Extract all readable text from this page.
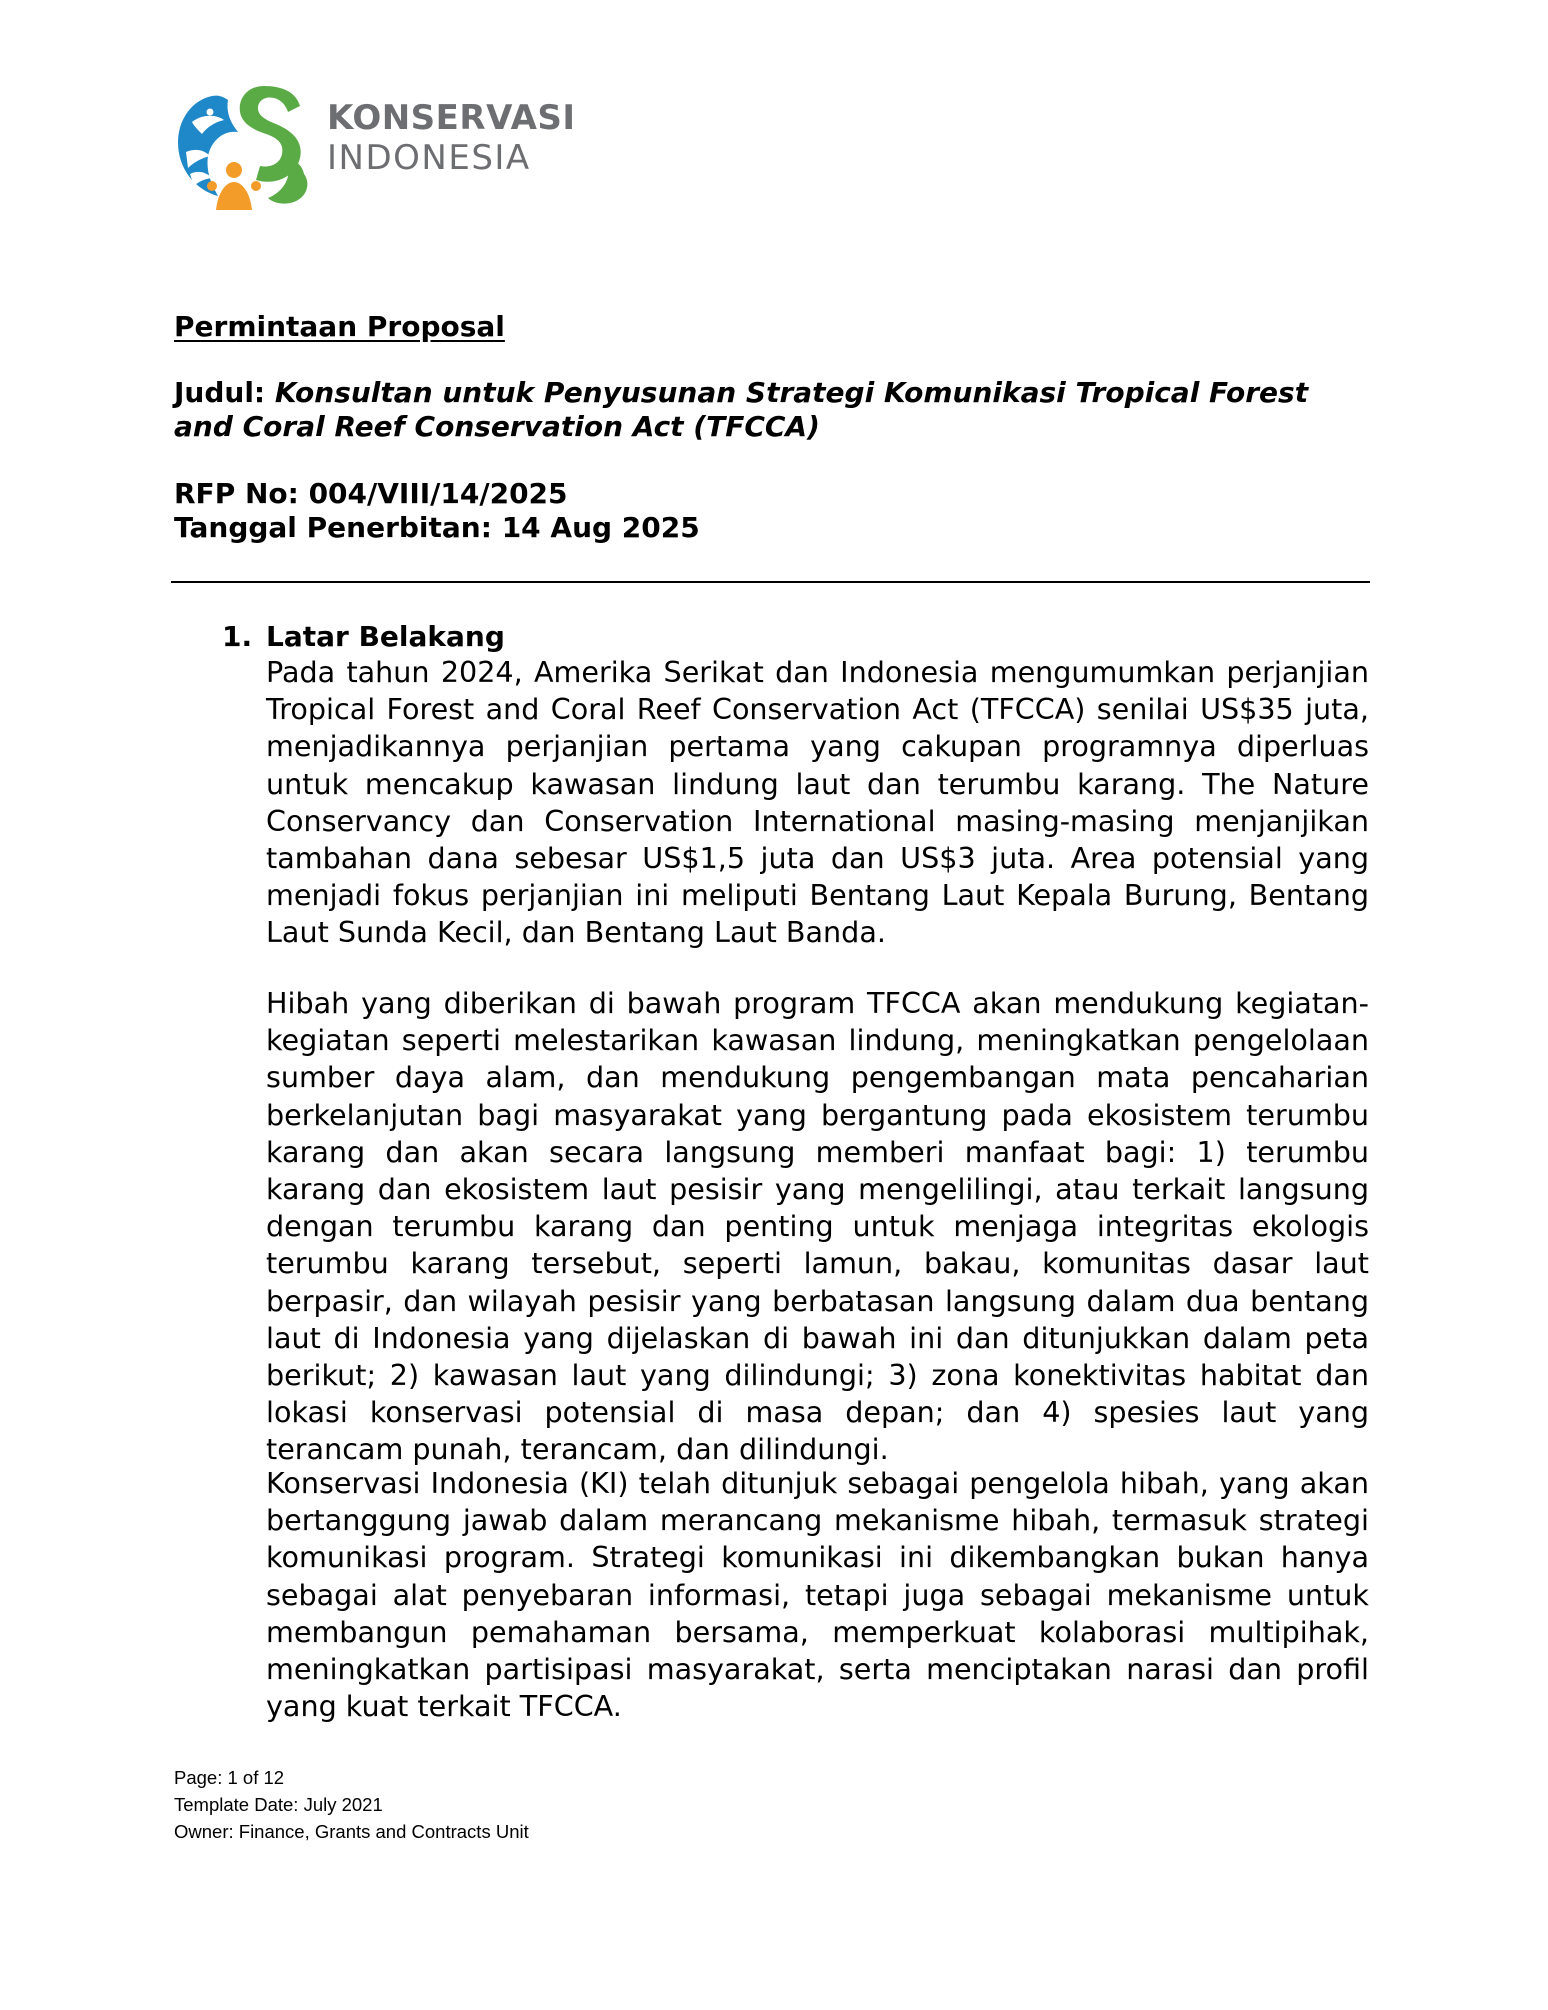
KONSERVASI
INDONESIA
Permintaan Proposal
Judul: Konsultan untuk Penyusunan Strategi Komunikasi Tropical Forest and Coral Reef Conservation Act (TFCCA)
RFP No: 004/VIII/14/2025
Tanggal Penerbitan: 14 Aug 2025
1. Latar Belakang

Pada tahun 2024, Amerika Serikat dan Indonesia mengumumkan perjanjian Tropical Forest and Coral Reef Conservation Act (TFCCA) senilai US$35 juta, menjadikannya perjanjian pertama yang cakupan programnya diperluas untuk mencakup kawasan lindung laut dan terumbu karang. The Nature Conservancy dan Conservation International masing-masing menjanjikan tambahan dana sebesar US$1,5 juta dan US$3 juta. Area potensial yang menjadi fokus perjanjian ini meliputi Bentang Laut Kepala Burung, Bentang Laut Sunda Kecil, dan Bentang Laut Banda.

Hibah yang diberikan di bawah program TFCCA akan mendukung kegiatan-kegiatan seperti melestarikan kawasan lindung, meningkatkan pengelolaan sumber daya alam, dan mendukung pengembangan mata pencaharian berkelanjutan bagi masyarakat yang bergantung pada ekosistem terumbu karang dan akan secara langsung memberi manfaat bagi: 1) terumbu karang dan ekosistem laut pesisir yang mengelilingi, atau terkait langsung dengan terumbu karang dan penting untuk menjaga integritas ekologis terumbu karang tersebut, seperti lamun, bakau, komunitas dasar laut berpasir, dan wilayah pesisir yang berbatasan langsung dalam dua bentang laut di Indonesia yang dijelaskan di bawah ini dan ditunjukkan dalam peta berikut; 2) kawasan laut yang dilindungi; 3) zona konektivitas habitat dan lokasi konservasi potensial di masa depan; dan 4) spesies laut yang terancam punah, terancam, dan dilindungi.

Konservasi Indonesia (KI) telah ditunjuk sebagai pengelola hibah, yang akan bertanggung jawab dalam merancang mekanisme hibah, termasuk strategi komunikasi program. Strategi komunikasi ini dikembangkan bukan hanya sebagai alat penyebaran informasi, tetapi juga sebagai mekanisme untuk membangun pemahaman bersama, memperkuat kolaborasi multipihak, meningkatkan partisipasi masyarakat, serta menciptakan narasi dan profil yang kuat terkait TFCCA.

Page: 1 of 12
Template Date: July 2021
Owner: Finance, Grants and Contracts Unit
